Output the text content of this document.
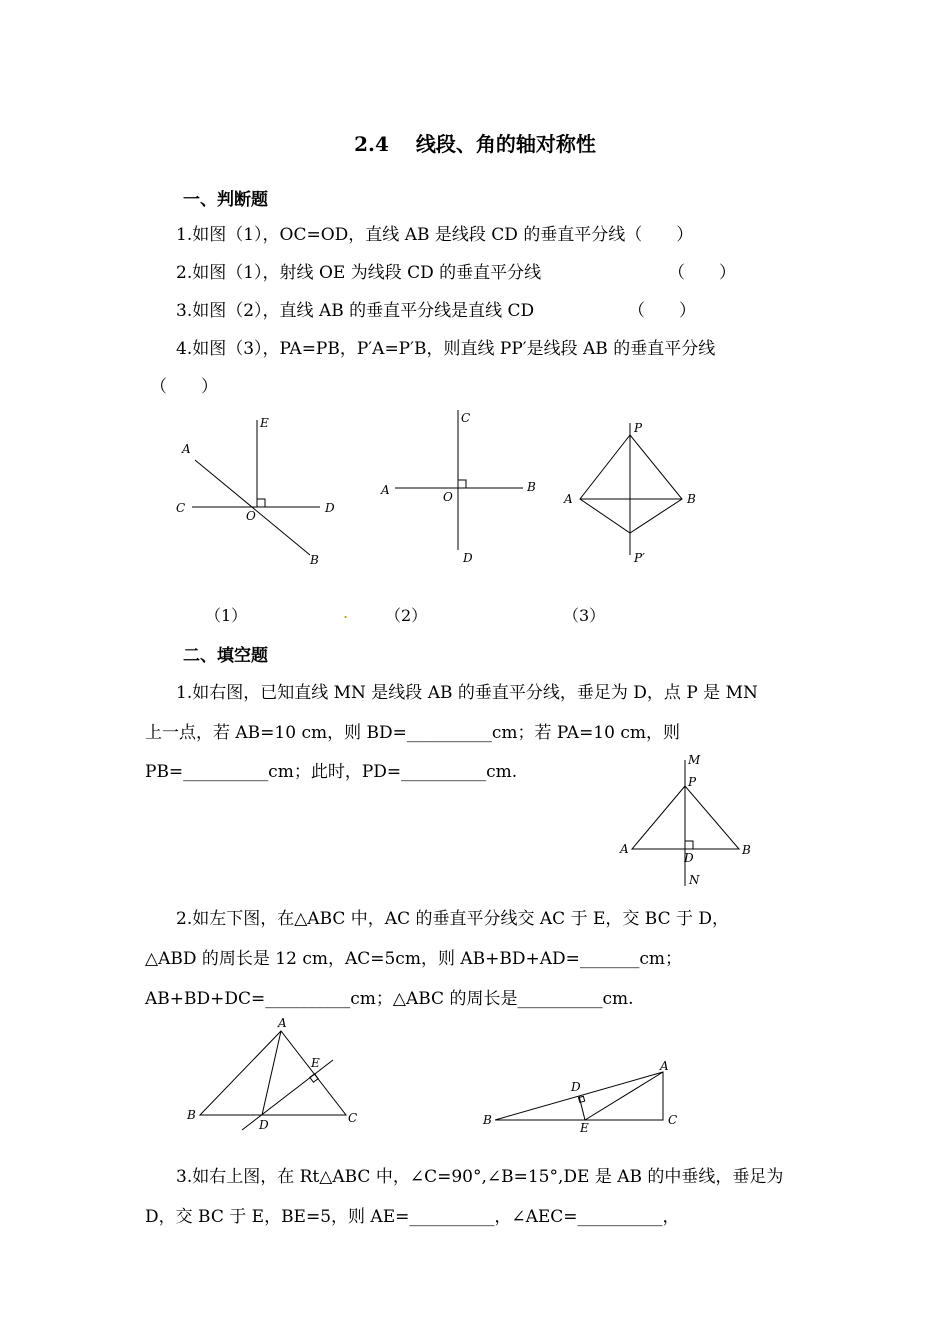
2.4　 线段、角的轴对称性
一、判断题
1.如图（1），OC=OD，直线 AB 是线段 CD 的垂直平分线（　　）
2.如图（1），射线 OE 为线段 CD 的垂直平分线	（　　）
3.如图（2），直线 AB 的垂直平分线是直线 CD	（　　）
4.如图（3），PA=PB，P′A=P′B，则直线 PP′是线段 AB 的垂直平分线
（　　）
A
E
C
O
D
B
C
A	O
B
D
P
A	B
P′
（1）	. （2）	（3）
二、填空题
1.如右图，已知直线 MN 是线段 AB 的垂直平分线，垂足为 D，点 P 是 MN
上一点，若 AB=10 cm，则 BD=__________cm；若 PA=10 cm，则
PB=__________cm；此时，PD=__________cm.
M
P
A
D
B
N
2.如左下图，在△ABC 中，AC 的垂直平分线交 AC 于 E，交 BC 于 D，
△ABD 的周长是 12 cm，AC=5cm，则 AB+BD+AD=_______cm；
AB+BD+DC=__________cm；△ABC 的周长是__________cm.
A
E
B
D	C
A
D
B
E
C
3.如右上图，在 Rt△ABC 中，∠C=90°,∠B=15°,DE 是 AB 的中垂线，垂足为
D，交 BC 于 E，BE=5，则 AE=__________，∠AEC=__________，
